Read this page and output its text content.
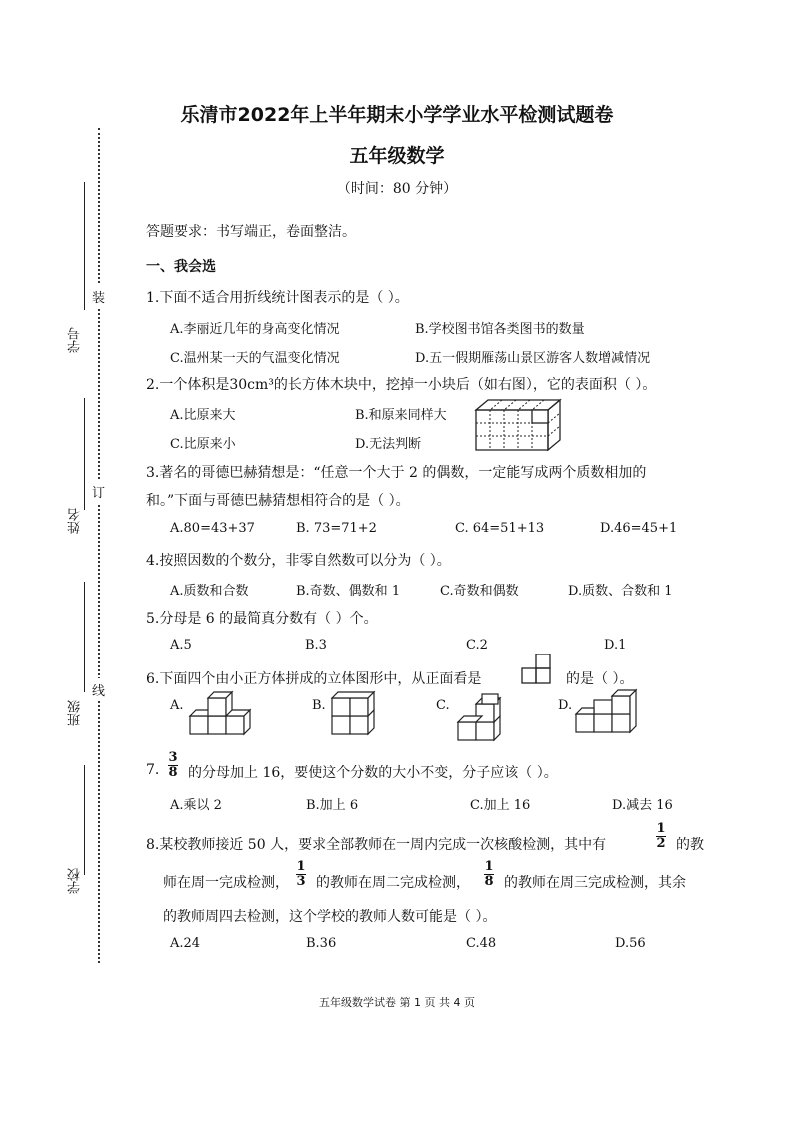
装
订
线
学号
姓名
班级
学校
乐清市2022年上半年期末小学学业水平检测试题卷
五年级数学
（时间：80 分钟）
答题要求：书写端正，卷面整洁。
一、我会选
1.下面不适合用折线统计图表示的是（ ）。
A.李丽近几年的身高变化情况	B.学校图书馆各类图书的数量
C.温州某一天的气温变化情况	D.五一假期雁荡山景区游客人数增减情况
2.一个体积是30cm³的长方体木块中，挖掉一小块后（如右图），它的表面积（ ）。
A.比原来大	B.和原来同样大
C.比原来小	D.无法判断
3.著名的哥德巴赫猜想是：“任意一个大于 2 的偶数，一定能写成两个质数相加的
和。”下面与哥德巴赫猜想相符合的是（ ）。
A.80=43+37	B. 73=71+2	C. 64=51+13	D.46=45+1
4.按照因数的个数分，非零自然数可以分为（ ）。
A.质数和合数	B.奇数、偶数和 1	C.奇数和偶数	D.质数、合数和 1
5.分母是 6 的最简真分数有（ ）个。
A.5	B.3	C.2	D.1
6.下面四个由小正方体拼成的立体图形中，从正面看是	的是（ ）。
A.	B.	C.	D.
7. $\frac{3}{8}$ 的分母加上 16，要使这个分数的大小不变，分子应该（ ）。
A.乘以 2	B.加上 6	C.加上 16	D.减去 16
8.某校教师接近 50 人，要求全部教师在一周内完成一次核酸检测，其中有	$\frac{1}{2}$ 的教
师在周一完成检测， $\frac{1}{3}$ 的教师在周二完成检测， $\frac{1}{8}$ 的教师在周三完成检测，其余
的教师周四去检测，这个学校的教师人数可能是（ ）。
A.24	B.36	C.48	D.56
五年级数学试卷 第 1 页 共 4 页
